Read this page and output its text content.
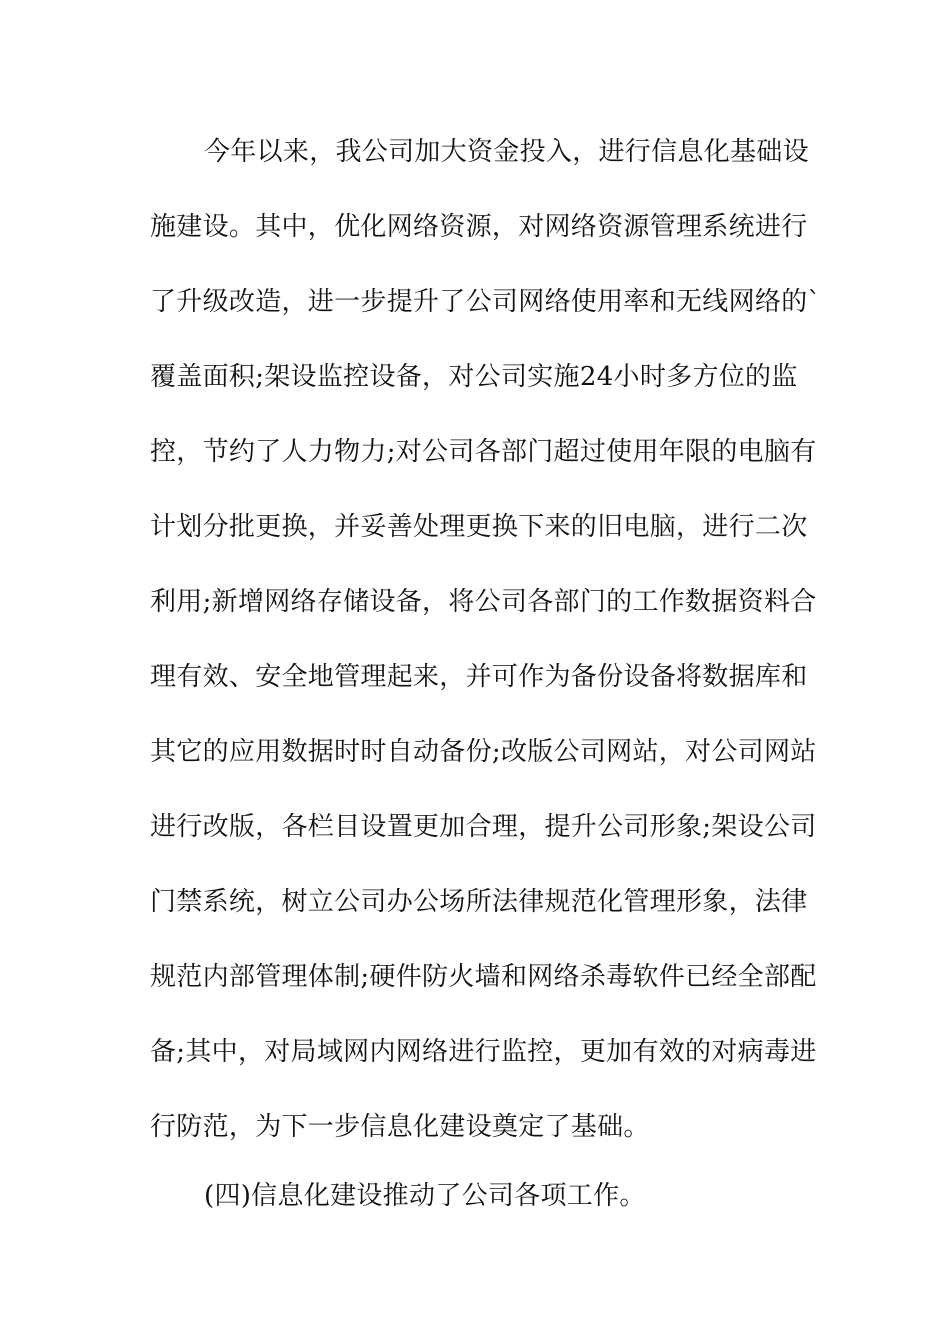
今年以来，我公司加大资金投入，进行信息化基础设

施建设。其中，优化网络资源，对网络资源管理系统进行

了升级改造，进一步提升了公司网络使用率和无线网络的`

覆盖面积;架设监控设备，对公司实施24小时多方位的监

控，节约了人力物力;对公司各部门超过使用年限的电脑有

计划分批更换，并妥善处理更换下来的旧电脑，进行二次

利用;新增网络存储设备，将公司各部门的工作数据资料合

理有效、安全地管理起来，并可作为备份设备将数据库和

其它的应用数据时时自动备份;改版公司网站，对公司网站

进行改版，各栏目设置更加合理，提升公司形象;架设公司

门禁系统，树立公司办公场所法律规范化管理形象，法律

规范内部管理体制;硬件防火墙和网络杀毒软件已经全部配

备;其中，对局域网内网络进行监控，更加有效的对病毒进

行防范，为下一步信息化建设奠定了基础。

(四)信息化建设推动了公司各项工作。
